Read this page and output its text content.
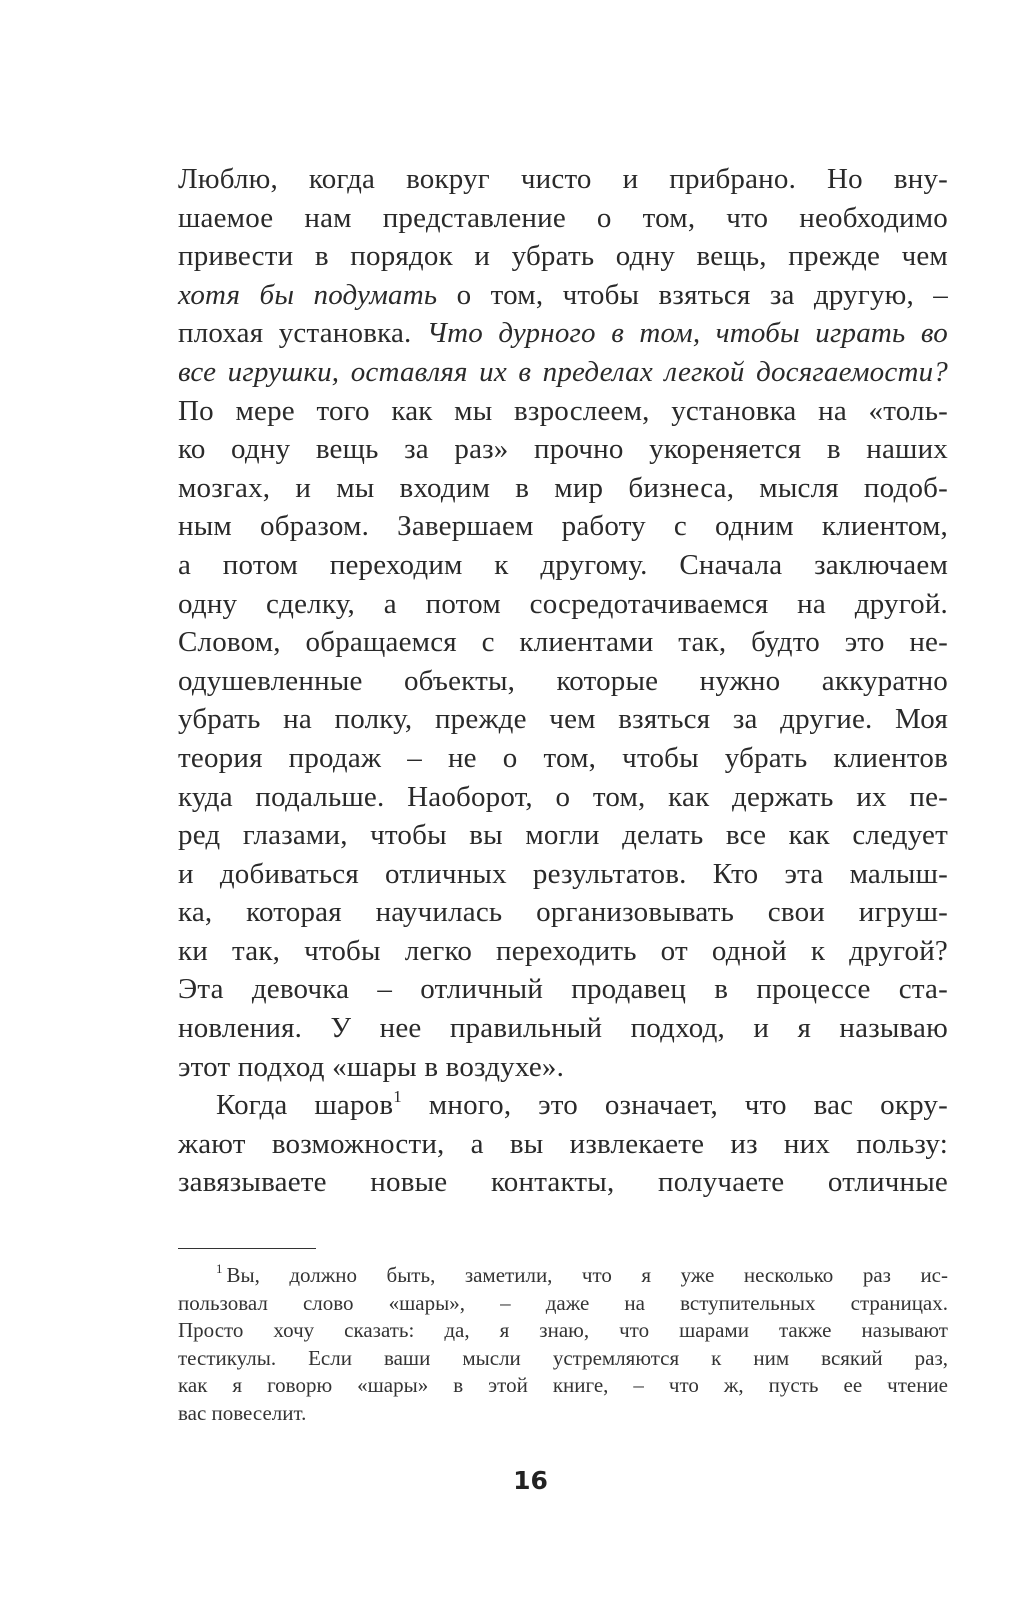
Люблю, когда вокруг чисто и прибрано. Но вну-
шаемое нам представление о том, что необходимо
привести в порядок и убрать одну вещь, прежде чем
хотя бы подумать о том, чтобы взяться за другую, –
плохая установка. Что дурного в том, чтобы играть во
все игрушки, оставляя их в пределах легкой досягаемости?
По мере того как мы взрослеем, установка на «толь-
ко одну вещь за раз» прочно укореняется в наших
мозгах, и мы входим в мир бизнеса, мысля подоб-
ным образом. Завершаем работу с одним клиентом,
а потом переходим к другому. Сначала заключаем
одну сделку, а потом сосредотачиваемся на другой.
Словом, обращаемся с клиентами так, будто это не-
одушевленные объекты, которые нужно аккуратно
убрать на полку, прежде чем взяться за другие. Моя
теория продаж – не о том, чтобы убрать клиентов
куда подальше. Наоборот, о том, как держать их пе-
ред глазами, чтобы вы могли делать все как следует
и добиваться отличных результатов. Кто эта малыш-
ка, которая научилась организовывать свои игруш-
ки так, чтобы легко переходить от одной к другой?
Эта девочка – отличный продавец в процессе ста-
новления. У нее правильный подход, и я называю
этот подход «шары в воздухе».
Когда шаров$^1$ много, это означает, что вас окру-
жают возможности, а вы извлекаете из них пользу:
завязываете новые контакты, получаете отличные
$^1$ Вы, должно быть, заметили, что я уже несколько раз ис-
пользовал слово «шары», – даже на вступительных страницах.
Просто хочу сказать: да, я знаю, что шарами также называют
тестикулы. Если ваши мысли устремляются к ним всякий раз,
как я говорю «шары» в этой книге, – что ж, пусть ее чтение
вас повеселит.
16
